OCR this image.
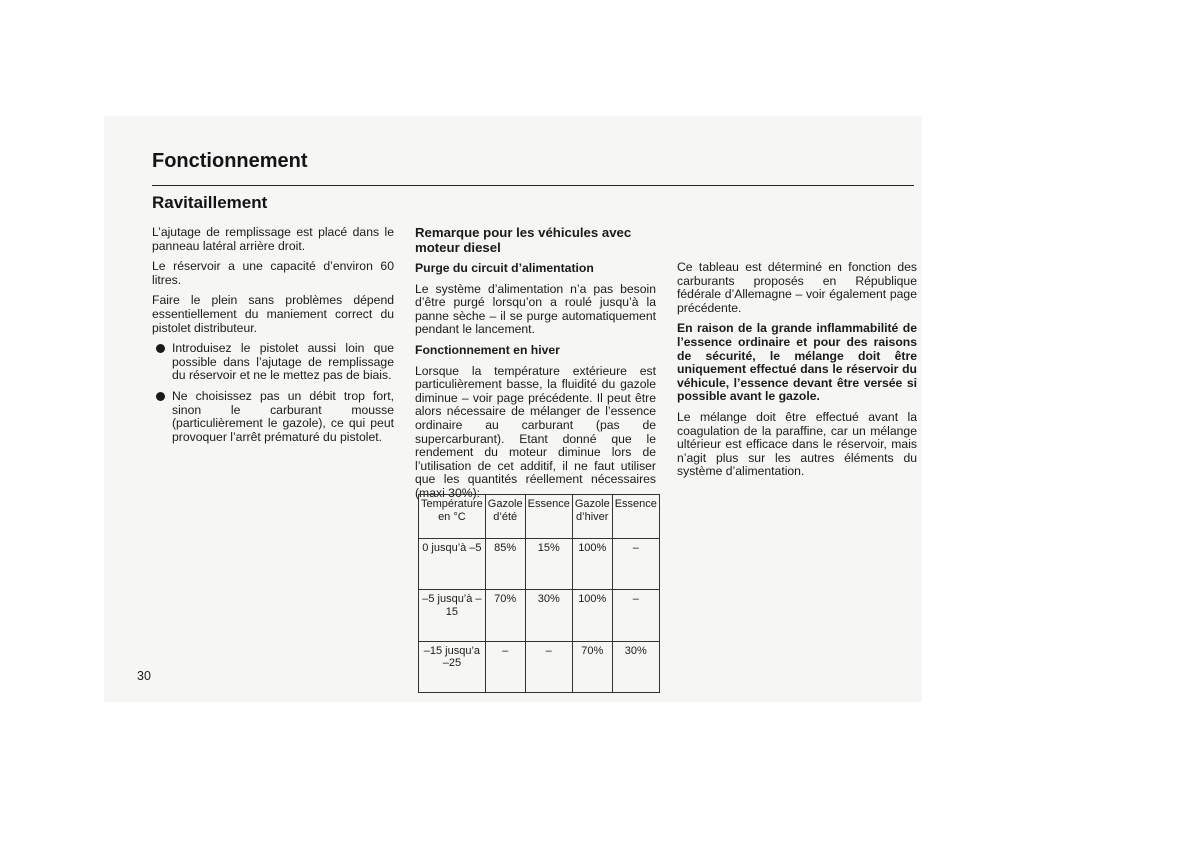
Fonctionnement
Ravitaillement

L’ajutage de remplissage est placé dans le panneau latéral arrière droit.

Le réservoir a une capacité d’environ 60 litres.

Faire le plein sans problèmes dépend essentiellement du maniement correct du pistolet distributeur.

Introduisez le pistolet aussi loin que possible dans l’ajutage de remplissage du réservoir et ne le mettez pas de biais.
Ne choisissez pas un débit trop fort, sinon le carburant mousse (particulièrement le gazole), ce qui peut provoquer l’arrêt prématuré du pistolet.

Remarque pour les véhicules avec moteur diesel

Purge du circuit d’alimentation

Le système d’alimentation n’a pas besoin d’être purgé lorsqu’on a roulé jusqu’à la panne sèche – il se purge automatiquement pendant le lancement.

Fonctionnement en hiver

Lorsque la température extérieure est particulièrement basse, la fluidité du gazole diminue – voir page précédente. Il peut être alors nécessaire de mélanger de l’essence ordinaire au carburant (pas de supercarburant). Etant donné que le rendement du moteur diminue lors de l’utilisation de cet additif, il ne faut utiliser que les quantités réellement nécessaires (maxi 30%):

Température en °C	Gazole d’été	Essence	Gazole d’hiver	Essence
0 jusqu’à –5	85%	15%	100%	–
–5 jusqu’à –15	70%	30%	100%	–
–15 jusqu’a –25	–	–	70%	30%

Ce tableau est déterminé en fonction des carburants proposés en République fédérale d’Allemagne – voir également page précédente.

En raison de la grande inflammabilité de l’essence ordinaire et pour des raisons de sécurité, le mélange doit être uniquement effectué dans le réservoir du véhicule, l’essence devant être versée si possible avant le gazole.

Le mélange doit être effectué avant la coagulation de la paraffine, car un mélange ultérieur est efficace dans le réservoir, mais n’agit plus sur les autres éléments du système d’alimentation.

30
